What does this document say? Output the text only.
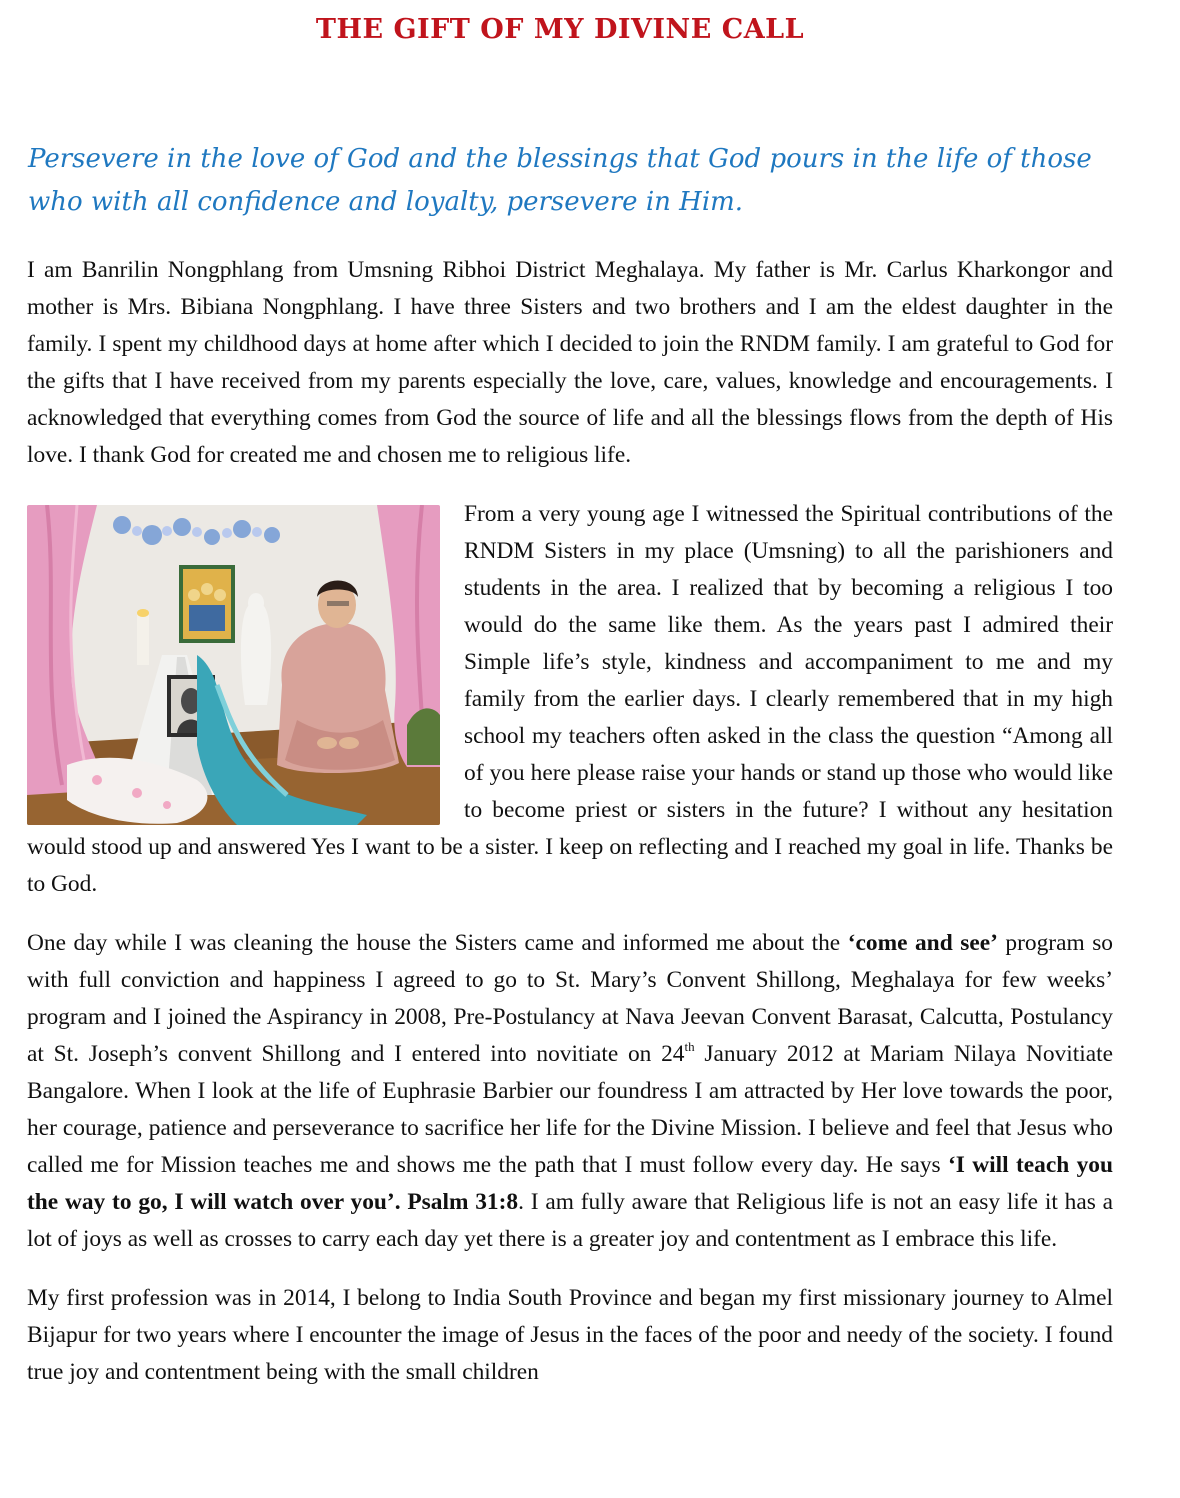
THE GIFT OF MY DIVINE CALL

Persevere in the love of God and the blessings that God pours in the life of those who with all confidence and loyalty, persevere in Him.

I am Banrilin Nongphlang from Umsning Ribhoi District Meghalaya. My father is Mr. Carlus Kharkongor and mother is Mrs. Bibiana Nongphlang. I have three Sisters and two brothers and I am the eldest daughter in the family. I spent my childhood days at home after which I decided to join the RNDM family. I am grateful to God for the gifts that I have received from my parents especially the love, care, values, knowledge and encouragements. I acknowledged that everything comes from God the source of life and all the blessings flows from the depth of His love. I thank God for created me and chosen me to religious life.

From a very young age I witnessed the Spiritual contributions of the RNDM Sisters in my place (Umsning) to all the parishioners and students in the area. I realized that by becoming a religious I too would do the same like them. As the years past I admired their Simple life’s style, kindness and accompaniment to me and my family from the earlier days. I clearly remembered that in my high school my teachers often asked in the class the question “Among all of you here please raise your hands or stand up those who would like to become priest or sisters in the future? I without any hesitation would stood up and answered Yes I want to be a sister. I keep on reflecting and I reached my goal in life. Thanks be to God.

One day while I was cleaning the house the Sisters came and informed me about the ‘come and see’ program so with full conviction and happiness I agreed to go to St. Mary’s Convent Shillong, Meghalaya for few weeks’ program and I joined the Aspirancy in 2008, Pre-Postulancy at Nava Jeevan Convent Barasat, Calcutta, Postulancy at St. Joseph’s convent Shillong and I entered into novitiate on 24th January 2012 at Mariam Nilaya Novitiate Bangalore. When I look at the life of Euphrasie Barbier our foundress I am attracted by Her love towards the poor, her courage, patience and perseverance to sacrifice her life for the Divine Mission. I believe and feel that Jesus who called me for Mission teaches me and shows me the path that I must follow every day. He says ‘I will teach you the way to go, I will watch over you’. Psalm 31:8. I am fully aware that Religious life is not an easy life it has a lot of joys as well as crosses to carry each day yet there is a greater joy and contentment as I embrace this life.

My first profession was in 2014, I belong to India South Province and began my first missionary journey to Almel Bijapur for two years where I encounter the image of Jesus in the faces of the poor and needy of the society. I found true joy and contentment being with the small children
